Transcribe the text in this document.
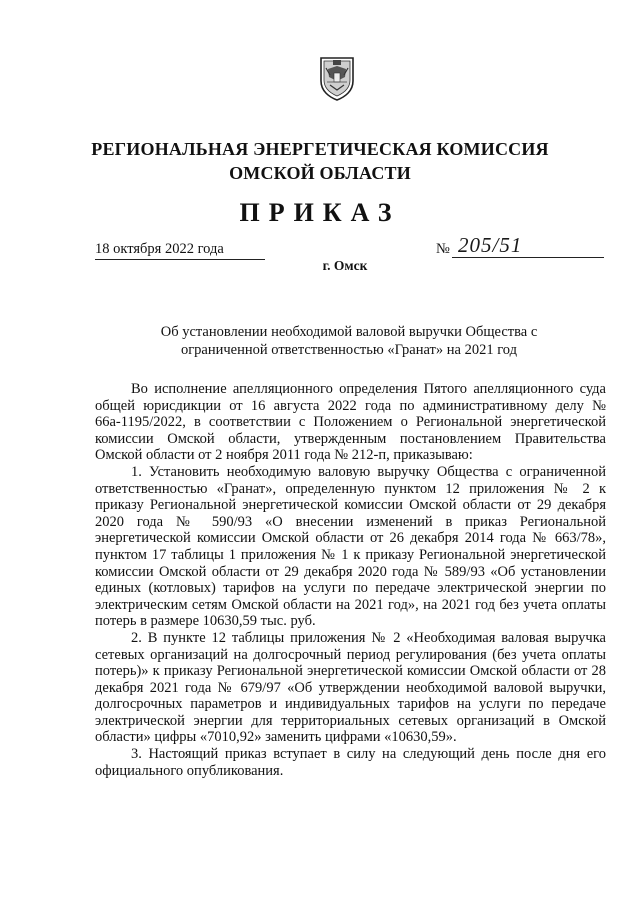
РЕГИОНАЛЬНАЯ ЭНЕРГЕТИЧЕСКАЯ КОМИССИЯ
ОМСКОЙ ОБЛАСТИ
ПРИКАЗ
18 октября 2022 года	№ 205/51
г. Омск
Об установлении необходимой валовой выручки Общества с
ограниченной ответственностью «Гранат» на 2021 год

Во исполнение апелляционного определения Пятого апелляционного суда общей юрисдикции от 16 августа 2022 года по административному делу № 66а-1195/2022, в соответствии с Положением о Региональной энергетической комиссии Омской области, утвержденным постановлением Правительства Омской области от 2 ноября 2011 года № 212-п, приказываю:

1. Установить необходимую валовую выручку Общества с ограниченной ответственностью «Гранат», определенную пунктом 12 приложения № 2 к приказу Региональной энергетической комиссии Омской области от 29 декабря 2020 года № 590/93 «О внесении изменений в приказ Региональной энергетической комиссии Омской области от 26 декабря 2014 года № 663/78», пунктом 17 таблицы 1 приложения № 1 к приказу Региональной энергетической комиссии Омской области от 29 декабря 2020 года № 589/93 «Об установлении единых (котловых) тарифов на услуги по передаче электрической энергии по электрическим сетям Омской области на 2021 год», на 2021 год без учета оплаты потерь в размере 10630,59 тыс. руб.

2. В пункте 12 таблицы приложения № 2 «Необходимая валовая выручка сетевых организаций на долгосрочный период регулирования (без учета оплаты потерь)» к приказу Региональной энергетической комиссии Омской области от 28 декабря 2021 года № 679/97 «Об утверждении необходимой валовой выручки, долгосрочных параметров и индивидуальных тарифов на услуги по передаче электрической энергии для территориальных сетевых организаций в Омской области» цифры «7010,92» заменить цифрами «10630,59».

3. Настоящий приказ вступает в силу на следующий день после дня его официального опубликования.
